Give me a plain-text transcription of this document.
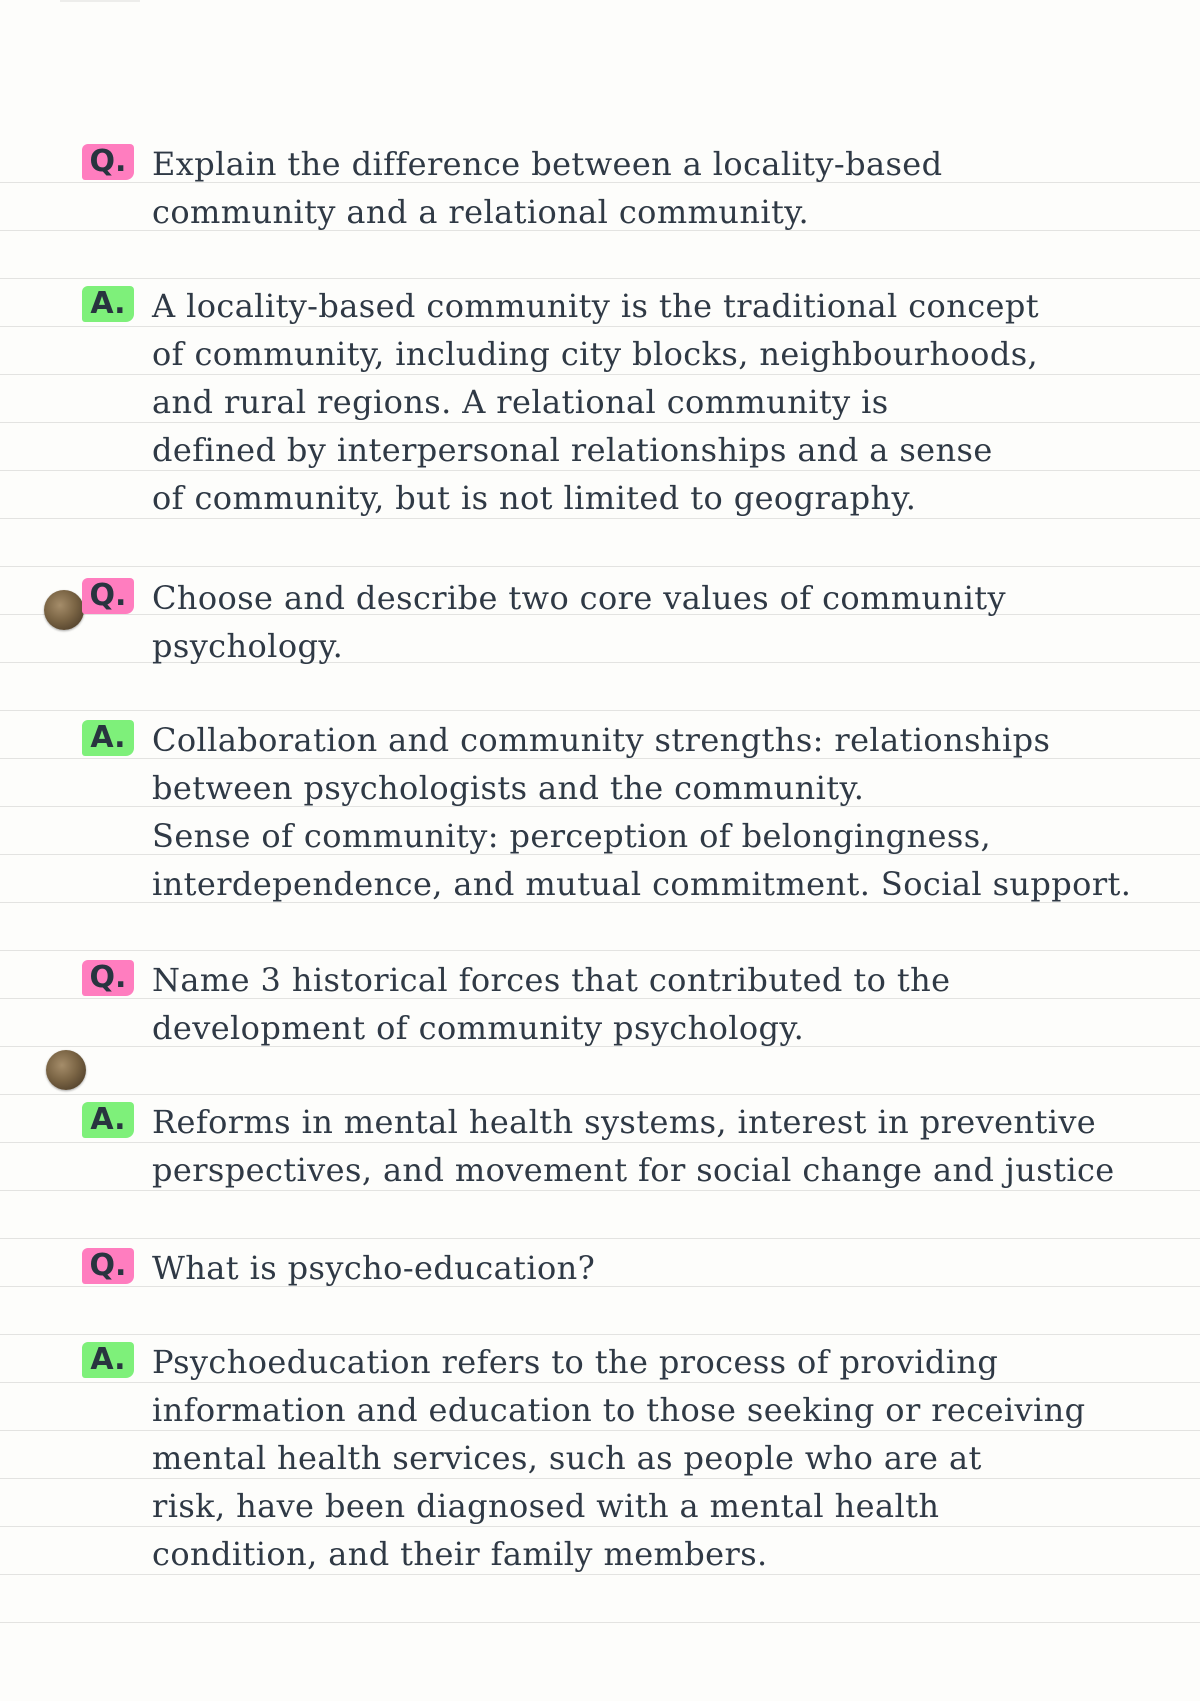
Q. Explain the difference between a locality-based
community and a relational community.
A. A locality-based community is the traditional concept
of community, including city blocks, neighbourhoods,
and rural regions. A relational community is
defined by interpersonal relationships and a sense
of community, but is not limited to geography.
Q. Choose and describe two core values of community
psychology.
A. Collaboration and community strengths: relationships
between psychologists and the community.
Sense of community: perception of belongingness,
interdependence, and mutual commitment. Social support.
Q. Name 3 historical forces that contributed to the
development of community psychology.
A. Reforms in mental health systems, interest in preventive
perspectives, and movement for social change and justice
Q. What is psycho-education?
A. Psychoeducation refers to the process of providing
information and education to those seeking or receiving
mental health services, such as people who are at
risk, have been diagnosed with a mental health
condition, and their family members.
